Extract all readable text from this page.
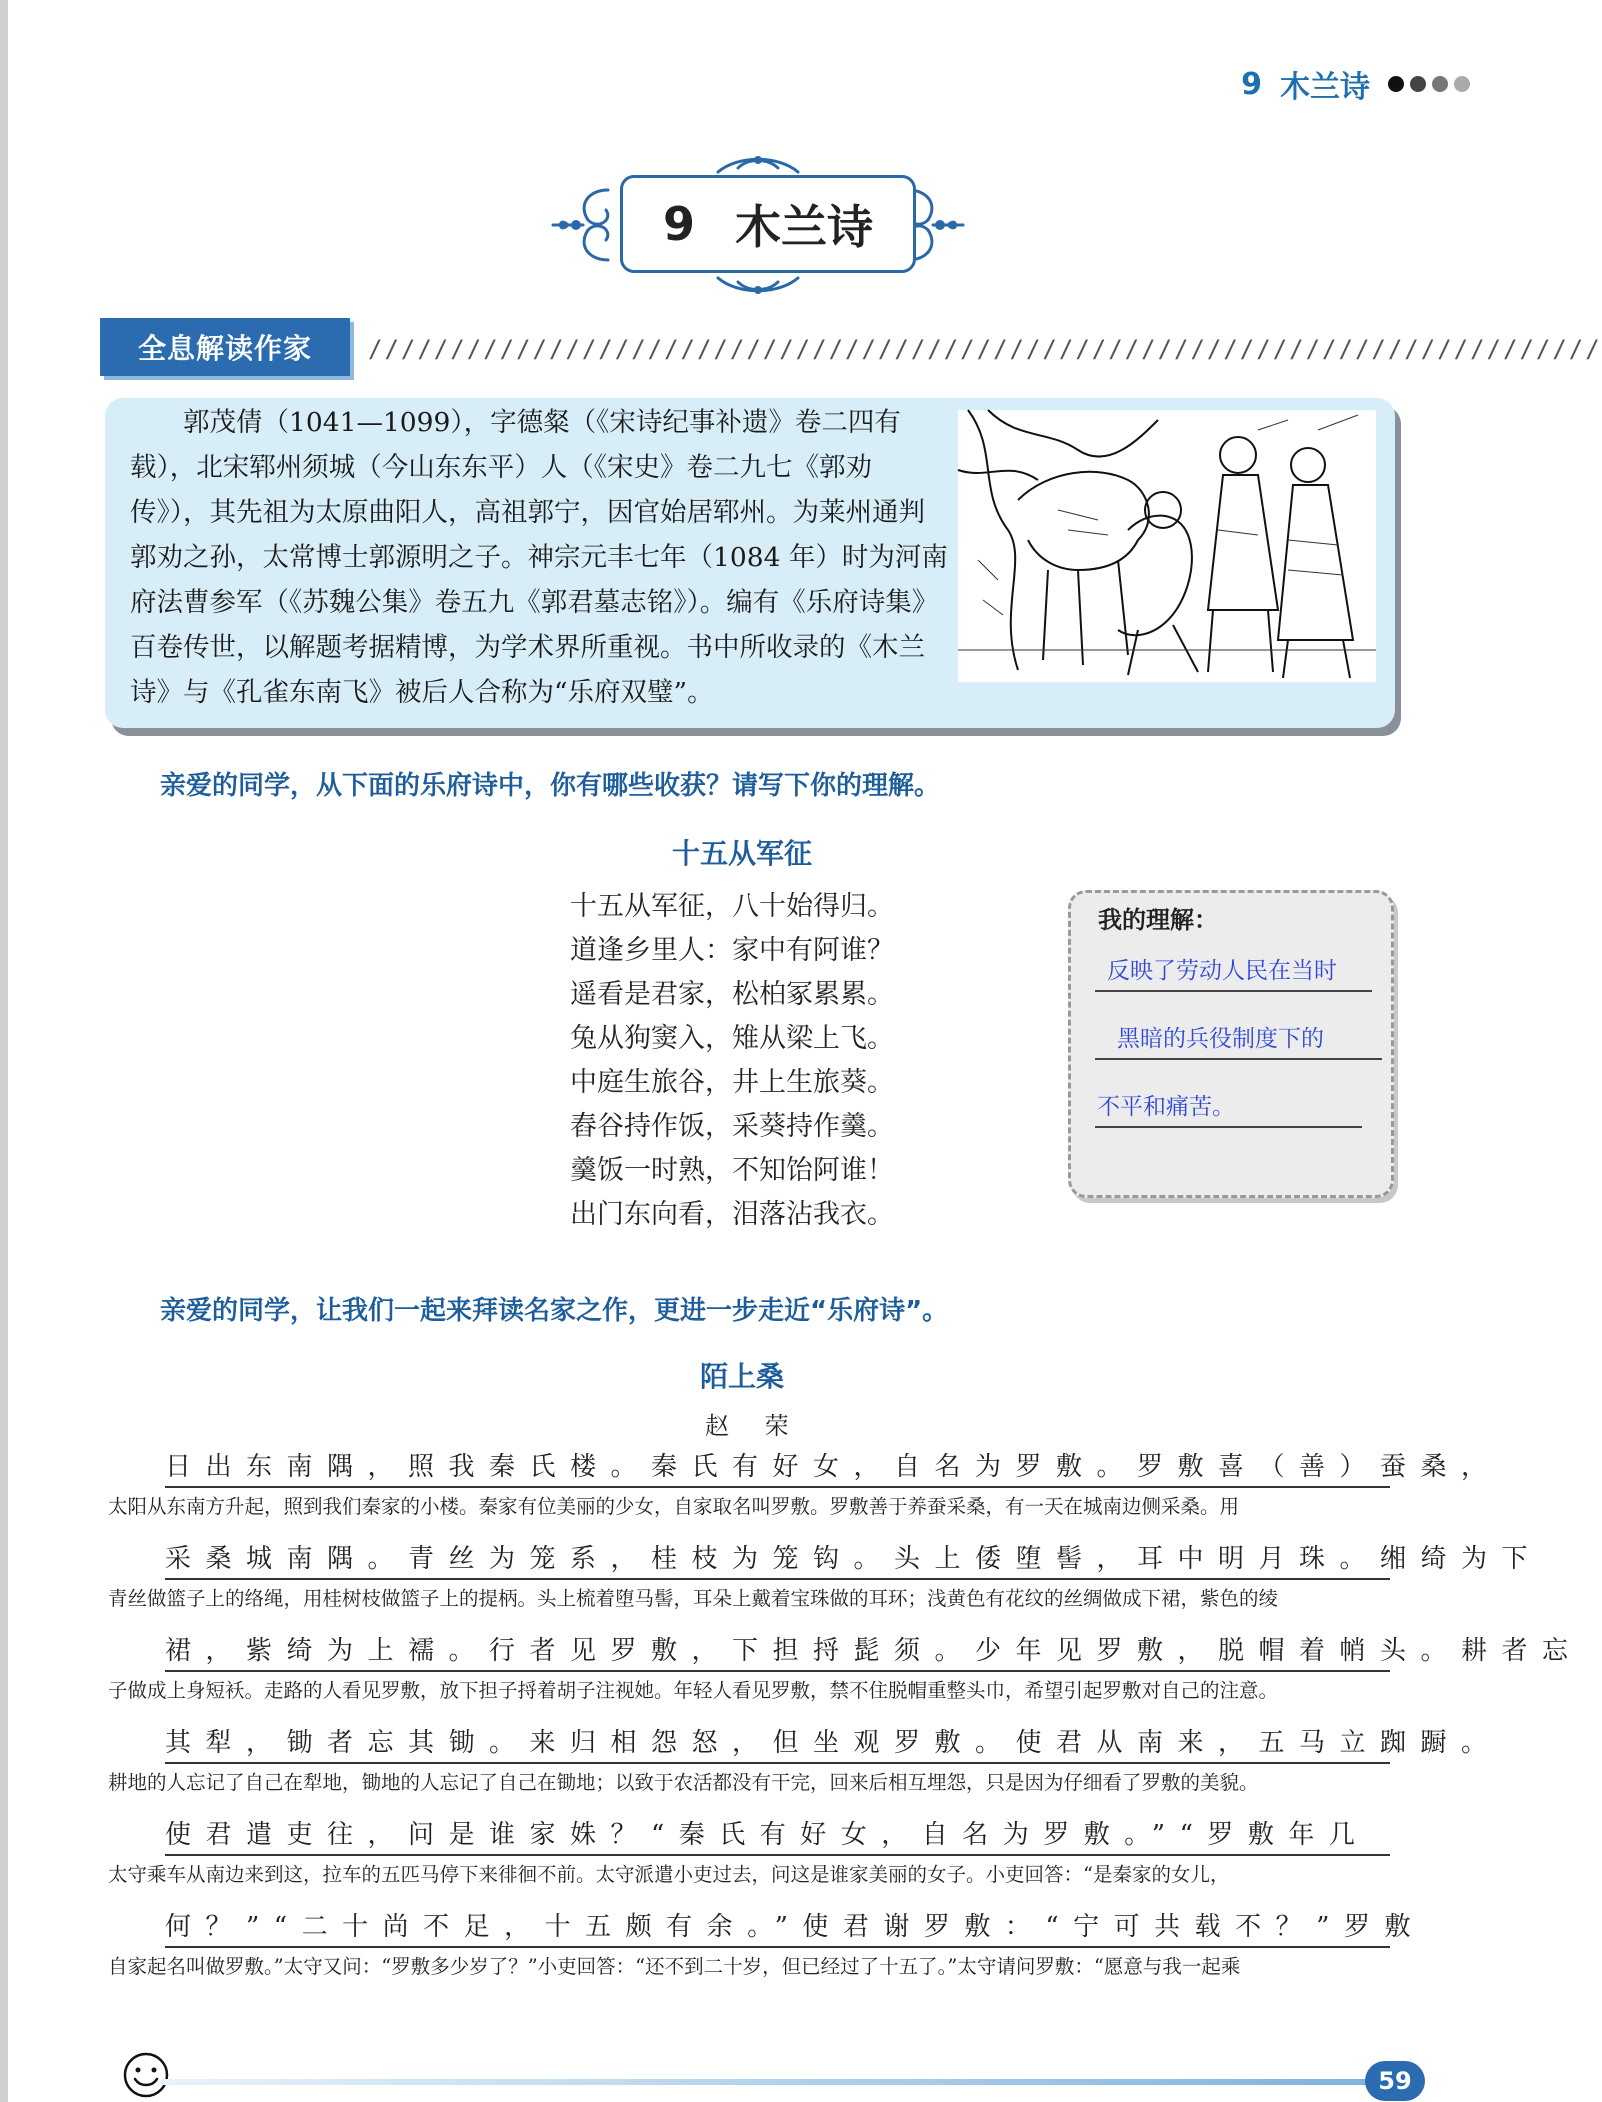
9 木兰诗
9 木兰诗
全息解读作家	///////////////////////////////////////////////////////////////////////////

郭茂倩（1041—1099），字德粲（《宋诗纪事补遗》卷二四有载），北宋郓州须城（今山东东平）人（《宋史》卷二九七《郭劝传》），其先祖为太原曲阳人，高祖郭宁，因官始居郓州。为莱州通判郭劝之孙，太常博士郭源明之子。神宗元丰七年（1084 年）时为河南府法曹参军（《苏魏公集》卷五九《郭君墓志铭》）。编有《乐府诗集》百卷传世，以解题考据精博，为学术界所重视。书中所收录的《木兰诗》与《孔雀东南飞》被后人合称为“乐府双璧”。

亲爱的同学，从下面的乐府诗中，你有哪些收获？请写下你的理解。
十五从军征
十五从军征，八十始得归。
道逢乡里人：家中有阿谁？
遥看是君家，松柏冢累累。
兔从狗窦入，雉从梁上飞。
中庭生旅谷，井上生旅葵。
舂谷持作饭，采葵持作羹。
羹饭一时熟，不知饴阿谁！
出门东向看，泪落沾我衣。
我的理解：
反映了劳动人民在当时
黑暗的兵役制度下的
不平和痛苦。
亲爱的同学，让我们一起来拜读名家之作，更进一步走近“乐府诗”。
陌上桑
赵 荣
日出东南隅，照我秦氏楼。秦氏有好女，自名为罗敷。罗敷喜（善）蚕桑，
太阳从东南方升起，照到我们秦家的小楼。秦家有位美丽的少女，自家取名叫罗敷。罗敷善于养蚕采桑，有一天在城南边侧采桑。用
采桑城南隅。青丝为笼系，桂枝为笼钩。头上倭堕髻，耳中明月珠。缃绮为下
青丝做篮子上的络绳，用桂树枝做篮子上的提柄。头上梳着堕马髻，耳朵上戴着宝珠做的耳环；浅黄色有花纹的丝绸做成下裙，紫色的绫
裙，紫绮为上襦。行者见罗敷，下担捋髭须。少年见罗敷，脱帽着帩头。耕者忘
子做成上身短袄。走路的人看见罗敷，放下担子捋着胡子注视她。年轻人看见罗敷，禁不住脱帽重整头巾，希望引起罗敷对自己的注意。
其犁，锄者忘其锄。来归相怨怒，但坐观罗敷。使君从南来，五马立踟蹰。
耕地的人忘记了自己在犁地，锄地的人忘记了自己在锄地；以致于农活都没有干完，回来后相互埋怨，只是因为仔细看了罗敷的美貌。
使君遣吏往，问是谁家姝？“秦氏有好女，自名为罗敷。”“罗敷年几
太守乘车从南边来到这，拉车的五匹马停下来徘徊不前。太守派遣小吏过去，问这是谁家美丽的女子。小吏回答：“是秦家的女儿，
何？”“二十尚不足，十五颇有余。”使君谢罗敷：“宁可共载不？”罗敷
自家起名叫做罗敷。”太守又问：“罗敷多少岁了？”小吏回答：“还不到二十岁，但已经过了十五了。”太守请问罗敷：“愿意与我一起乘
59
